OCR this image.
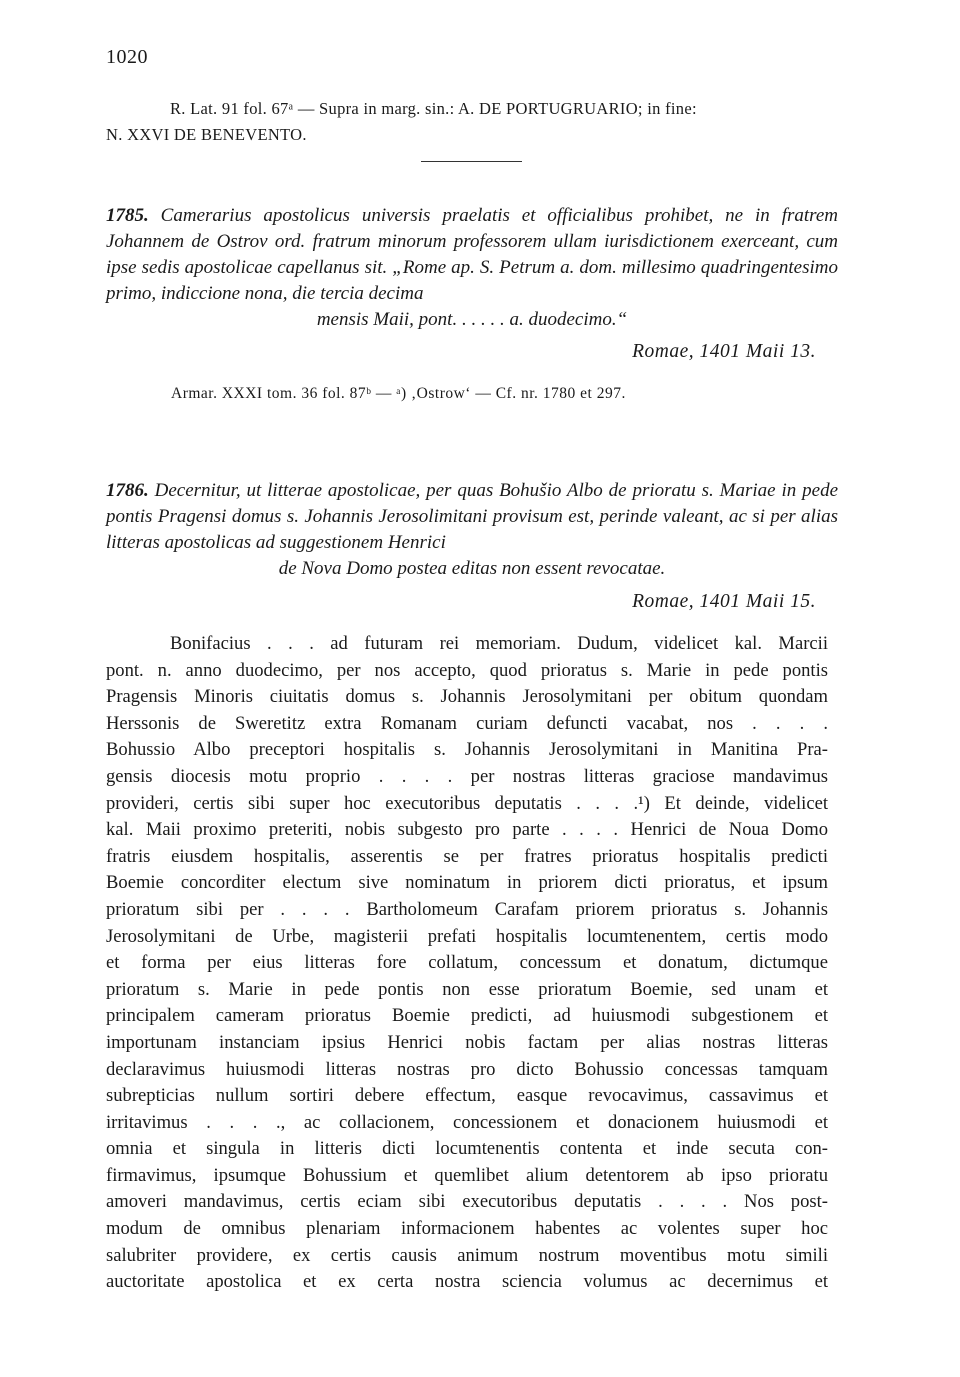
1020
R. Lat. 91 fol. 67ᵃ — Supra in marg. sin.: A. DE PORTUGRUARIO; in fine:
N. XXVI DE BENEVENTO.
1785. Camerarius apostolicus universis praelatis et officialibus prohibet, ne in fratrem Johannem de Ostrov ord. fratrum minorum professorem ullam iurisdictionem exerceant, cum ipse sedis apostolicae capellanus sit. „Rome ap. S. Petrum a. dom. millesimo quadringentesimo primo, indiccione nona, die tercia decima
mensis Maii, pont. . . . . . a. duodecimo.“
Romae, 1401 Maii 13.
Armar. XXXI tom. 36 fol. 87ᵇ — ᵃ) ‚Ostrow‘ — Cf. nr. 1780 et 297.
1786. Decernitur, ut litterae apostolicae, per quas Bohušio Albo de prioratu s. Mariae in pede pontis Pragensi domus s. Johannis Jerosolimitani provisum est, perinde valeant, ac si per alias litteras apostolicas ad suggestionem Henrici
de Nova Domo postea editas non essent revocatae.
Romae, 1401 Maii 15.
Bonifacius . . . ad futuram rei memoriam. Dudum, videlicet kal. Marcii
pont. n. anno duodecimo, per nos accepto, quod prioratus s. Marie in pede pontis
Pragensis Minoris ciuitatis domus s. Johannis Jerosolymitani per obitum quondam
Herssonis de Sweretitz extra Romanam curiam defuncti vacabat, nos . . . .
Bohussio Albo preceptori hospitalis s. Johannis Jerosolymitani in Manitina Pra-
gensis diocesis motu proprio . . . . per nostras litteras graciose mandavimus
provideri, certis sibi super hoc executoribus deputatis . . . .¹) Et deinde, videlicet
kal. Maii proximo preteriti, nobis subgesto pro parte . . . . Henrici de Noua Domo
fratris eiusdem hospitalis, asserentis se per fratres prioratus hospitalis predicti
Boemie concorditer electum sive nominatum in priorem dicti prioratus, et ipsum
prioratum sibi per . . . . Bartholomeum Carafam priorem prioratus s. Johannis
Jerosolymitani de Urbe, magisterii prefati hospitalis locumtenentem, certis modo
et forma per eius litteras fore collatum, concessum et donatum, dictumque
prioratum s. Marie in pede pontis non esse prioratum Boemie, sed unam et
principalem cameram prioratus Boemie predicti, ad huiusmodi subgestionem et
importunam instanciam ipsius Henrici nobis factam per alias nostras litteras
declaravimus huiusmodi litteras nostras pro dicto Bohussio concessas tamquam
subrepticias nullum sortiri debere effectum, easque revocavimus, cassavimus et
irritavimus . . . ., ac collacionem, concessionem et donacionem huiusmodi et
omnia et singula in litteris dicti locumtenentis contenta et inde secuta con-
firmavimus, ipsumque Bohussium et quemlibet alium detentorem ab ipso prioratu
amoveri mandavimus, certis eciam sibi executoribus deputatis . . . . Nos post-
modum de omnibus plenariam informacionem habentes ac volentes super hoc
salubriter providere, ex certis causis animum nostrum moventibus motu simili
auctoritate apostolica et ex certa nostra sciencia volumus ac decernimus et
